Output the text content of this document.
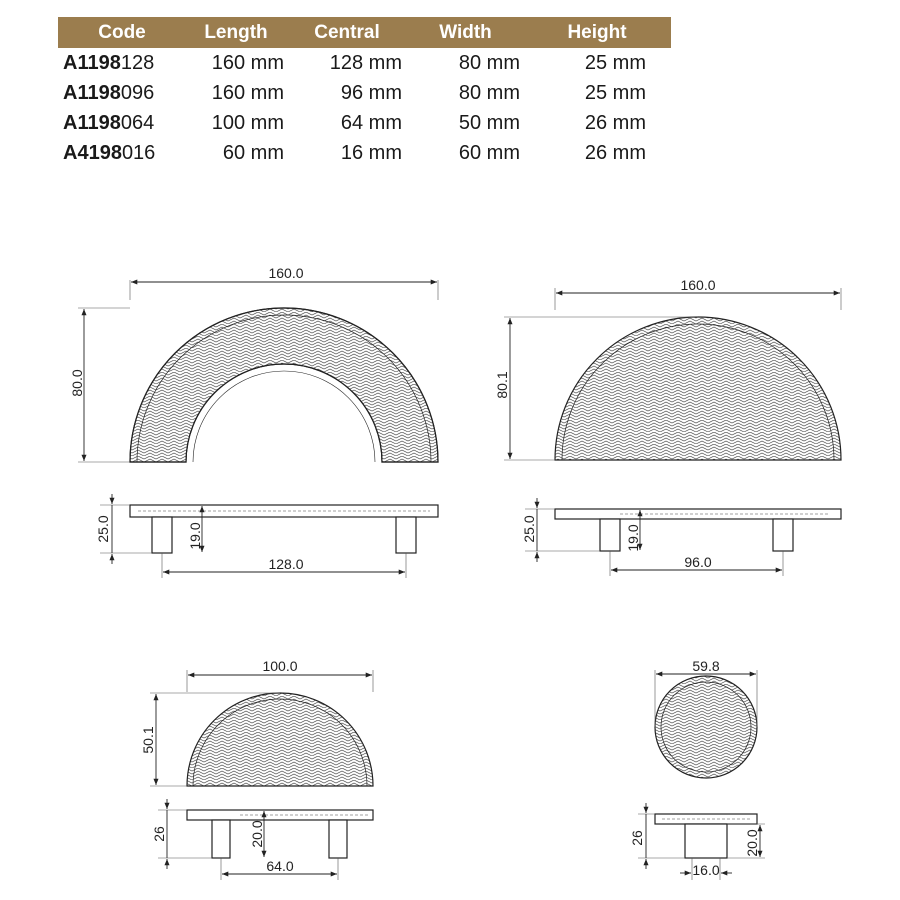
Code	Length	Central	Width	Height
A1198128	160 mm	128 mm	80 mm	25 mm
A1198096	160 mm	96 mm	80 mm	25 mm
A1198064	100 mm	64 mm	50 mm	26 mm
A4198016	60 mm	16 mm	60 mm	26 mm
160.0
80.0
25.0	19.0
128.0
160.0
80.1
25.0	19.0
96.0
100.0
50.1
26	20.0
64.0
59.8
26	20.0
16.0
